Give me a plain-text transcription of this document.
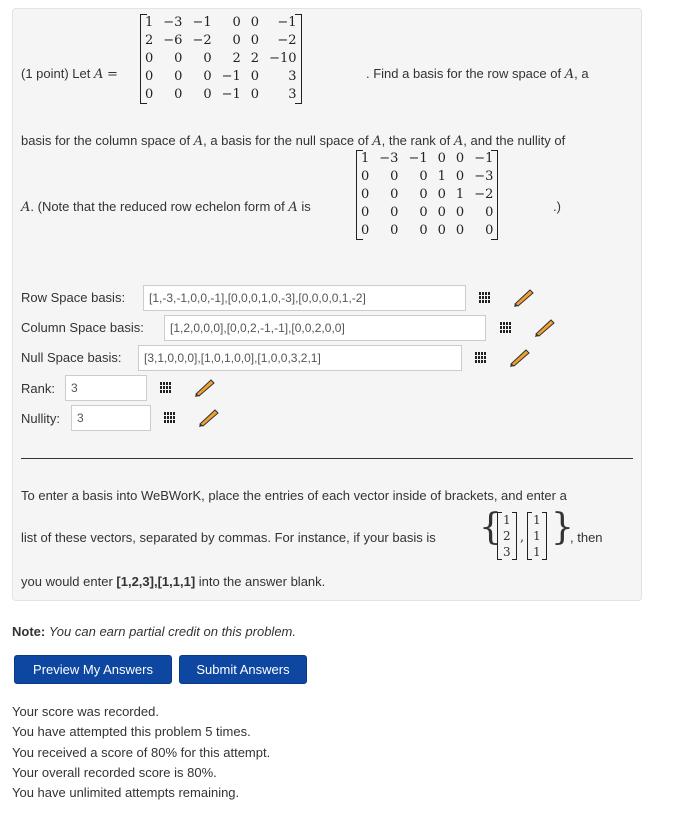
(1 point) Let A =
1	−3	−1	0	0	−1
2	−6	−2	0	0	−2
0	0	0	2	2	−10
0	0	0	−1	0	3
0	0	0	−1	0	3
. Find a basis for the row space of A, a
basis for the column space of A, a basis for the null space of A, the rank of A, and the nullity of
A. (Note that the reduced row echelon form of A is
1	−3	−1	0	0	−1
0	0	0	1	0	−3
0	0	0	0	1	−2
0	0	0	0	0	0
0	0	0	0	0	0
.)
Row Space basis:	[1,-3,-1,0,0,-1],[0,0,0,1,0,-3],[0,0,0,0,1,-2]
Column Space basis:	[1,2,0,0,0],[0,0,2,-1,-1],[0,0,2,0,0]
Null Space basis:	[3,1,0,0,0],[1,0,1,0,0],[1,0,0,3,2,1]
Rank:	3
Nullity:	3
To enter a basis into WeBWorK, place the entries of each vector inside of brackets, and enter a
list of these vectors, separated by commas. For instance, if your basis is { 1
2
3
,
1
1
1
}
, then
you would enter [1,2,3],[1,1,1] into the answer blank.
Note: You can earn partial credit on this problem.
Preview My Answers	Submit Answers

Your score was recorded.

You have attempted this problem 5 times.

You received a score of 80% for this attempt.

Your overall recorded score is 80%.

You have unlimited attempts remaining.
